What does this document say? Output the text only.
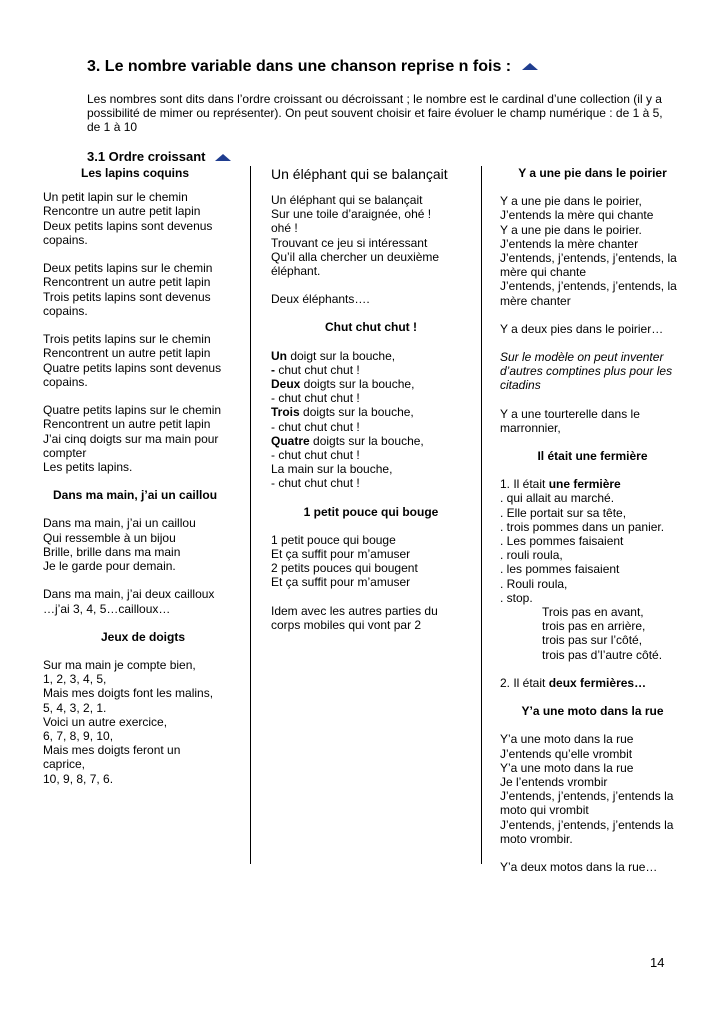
3. Le nombre variable dans une chanson reprise n fois :
Les nombres sont dits dans l’ordre croissant ou décroissant ; le nombre est le cardinal d’une collection (il y a possibilité de mimer ou représenter). On peut souvent choisir et faire évoluer le champ numérique : de 1 à 5, de 1 à 10
3.1 Ordre croissant

Les lapins coquins

Un petit lapin sur le chemin

Rencontre un autre petit lapin

Deux petits lapins sont devenus

copains.

Deux petits lapins sur le chemin

Rencontrent un autre petit lapin

Trois petits lapins sont devenus

copains.

Trois petits lapins sur le chemin

Rencontrent un autre petit lapin

Quatre petits lapins sont devenus

copains.

Quatre petits lapins sur le chemin

Rencontrent un autre petit lapin

J’ai cinq doigts sur ma main pour

compter

Les petits lapins.

Dans ma main, j’ai un caillou

Dans ma main, j’ai un caillou

Qui ressemble à un bijou

Brille, brille dans ma main

Je le garde pour demain.

Dans ma main, j’ai deux cailloux

…j’ai 3, 4, 5…cailloux…

Jeux de doigts

Sur ma main je compte bien,

1, 2, 3, 4, 5,

Mais mes doigts font les malins,

5, 4, 3, 2, 1.

Voici un autre exercice,

6, 7, 8, 9, 10,

Mais mes doigts feront un

caprice,

10, 9, 8, 7, 6.

Un éléphant qui se balançait

Un éléphant qui se balançait

Sur une toile d’araignée, ohé !

ohé !

Trouvant ce jeu si intéressant

Qu’il alla chercher un deuxième

éléphant.

Deux éléphants….

Chut chut chut !

Un doigt sur la bouche,

- chut chut chut !

Deux doigts sur la bouche,

- chut chut chut !

Trois doigts sur la bouche,

- chut chut chut !

Quatre doigts sur la bouche,

- chut chut chut !

La main sur la bouche,

- chut chut chut !

1 petit pouce qui bouge

1 petit pouce qui bouge

Et ça suffit pour m’amuser

2 petits pouces qui bougent

Et ça suffit pour m’amuser

Idem avec les autres parties du

corps mobiles qui vont par 2

Y a une pie dans le poirier

Y a une pie dans le poirier,

J’entends la mère qui chante

Y a une pie dans le poirier.

J’entends la mère chanter

J’entends, j’entends, j’entends, la

mère qui chante

J’entends, j’entends, j’entends, la

mère chanter

Y a deux pies dans le poirier…

Sur le modèle on peut inventer

d’autres comptines plus pour les

citadins

Y a une tourterelle dans le

marronnier,

Il était une fermière

1. Il était une fermière

. qui allait au marché.

. Elle portait sur sa tête,

. trois pommes dans un panier.

. Les pommes faisaient

. rouli roula,

. les pommes faisaient

. Rouli roula,

. stop.

Trois pas en avant,

trois pas en arrière,

trois pas sur l’côté,

trois pas d’l’autre côté.

2. Il était deux fermières…

Y’a une moto dans la rue

Y’a une moto dans la rue

J’entends qu’elle vrombit

Y’a une moto dans la rue

Je l’entends vrombir

J’entends, j’entends, j’entends la

moto qui vrombit

J’entends, j’entends, j’entends la

moto vrombir.

Y’a deux motos dans la rue…

14
